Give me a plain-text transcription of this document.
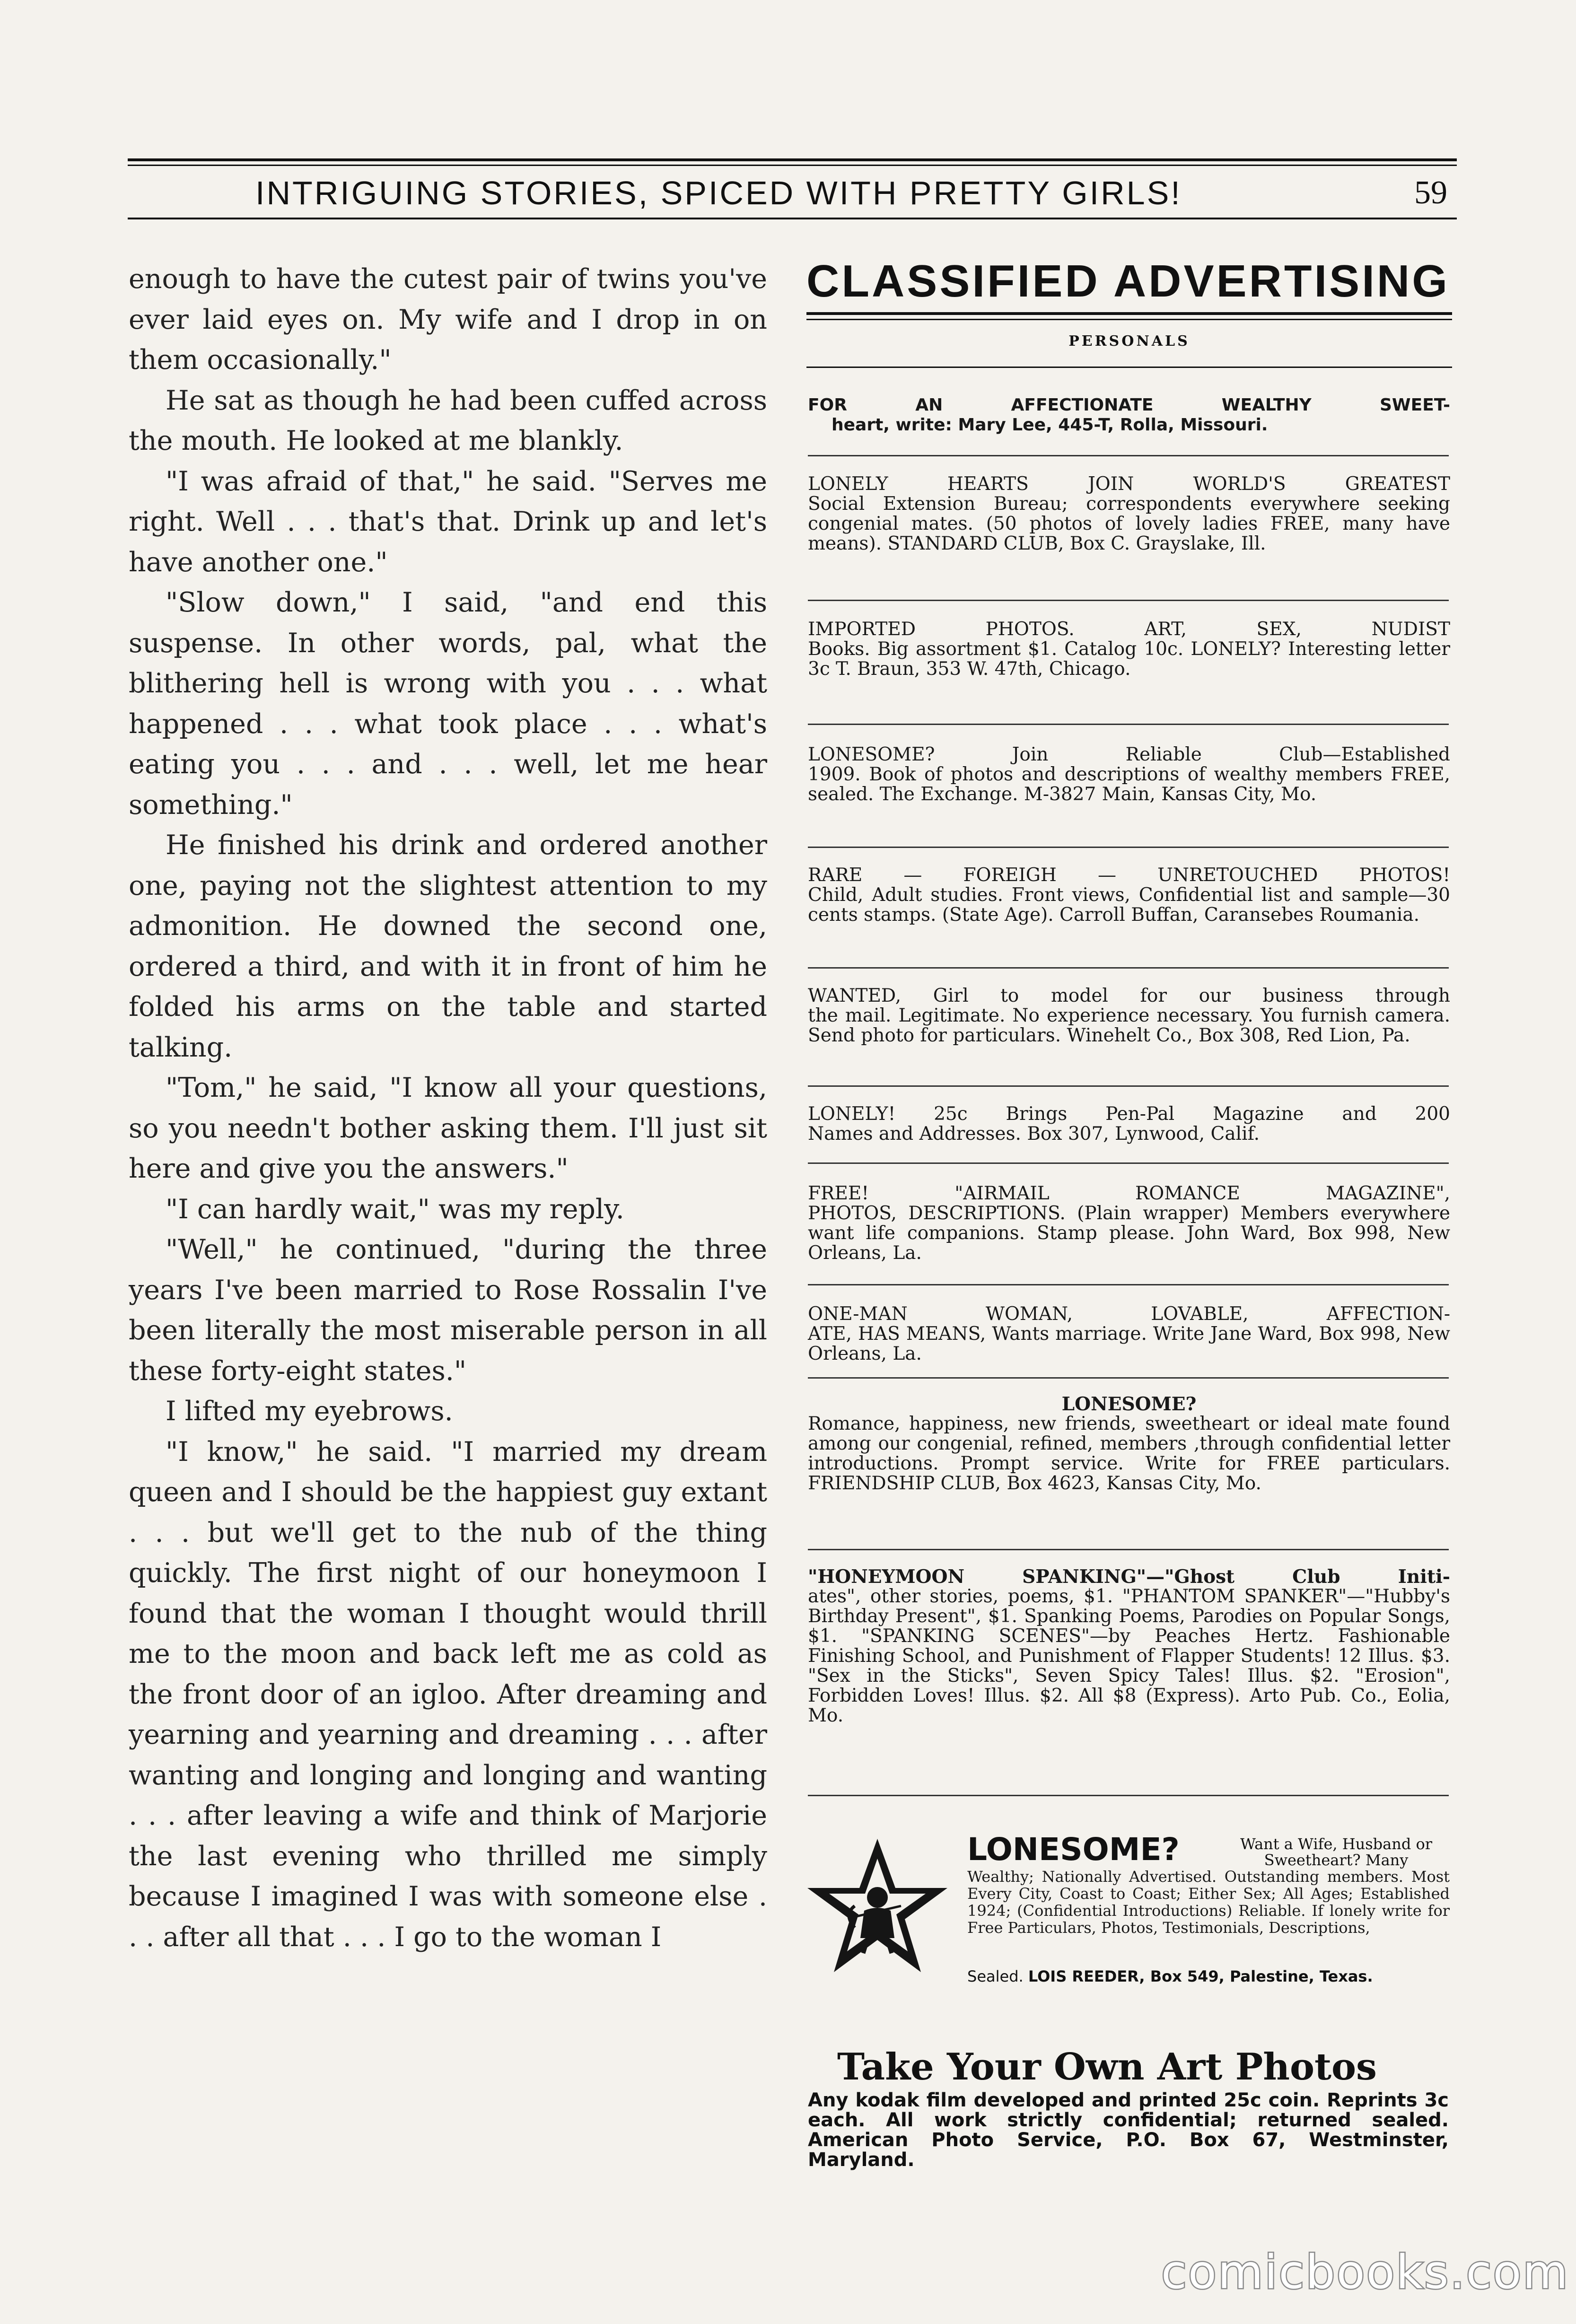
INTRIGUING STORIES, SPICED WITH PRETTY GIRLS!	59

enough to have the cutest pair of twins you've ever laid eyes on. My wife and I drop in on them occasionally."

He sat as though he had been cuffed across the mouth. He looked at me blankly.

"I was afraid of that," he said. "Serves me right. Well . . . that's that. Drink up and let's have another one."

"Slow down," I said, "and end this suspense. In other words, pal, what the blithering hell is wrong with you . . . what happened . . . what took place . . . what's eating you . . . and . . . well, let me hear something."

He finished his drink and ordered another one, paying not the slightest attention to my admonition. He downed the second one, ordered a third, and with it in front of him he folded his arms on the table and started talking.

"Tom," he said, "I know all your questions, so you needn't bother asking them. I'll just sit here and give you the answers."

"I can hardly wait," was my reply.

"Well," he continued, "during the three years I've been married to Rose Rossalin I've been literally the most miserable person in all these forty-eight states."

I lifted my eyebrows.

"I know," he said. "I married my dream queen and I should be the happiest guy extant . . . but we'll get to the nub of the thing quickly. The first night of our honeymoon I found that the woman I thought would thrill me to the moon and back left me as cold as the front door of an igloo. After dreaming and yearning and yearning and dreaming . . . after wanting and longing and longing and wanting . . . after leaving a wife and think of Marjorie the last evening who thrilled me simply because I imagined I was with someone else . . . after all that . . . I go to the woman I

CLASSIFIED ADVERTISING
PERSONALS
FOR AN AFFECTIONATE WEALTHY SWEET-
heart, write: Mary Lee, 445-T, Rolla, Missouri.
LONELY HEARTS JOIN WORLD'S GREATEST
Social Extension Bureau; correspondents everywhere seeking congenial mates. (50 photos of lovely ladies FREE, many have means). STANDARD CLUB, Box C. Grayslake, Ill.
IMPORTED PHOTOS. ART, SEX, NUDIST
Books. Big assortment $1. Catalog 10c. LONELY? Interesting letter 3c T. Braun, 353 W. 47th, Chicago.
LONESOME? Join Reliable Club—Established
1909. Book of photos and descriptions of wealthy members FREE, sealed. The Exchange. M-3827 Main, Kansas City, Mo.
RARE — FOREIGH — UNRETOUCHED PHOTOS!
Child, Adult studies. Front views, Confidential list and sample—30 cents stamps. (State Age). Carroll Buffan, Caransebes Roumania.
WANTED, Girl to model for our business through
the mail. Legitimate. No experience necessary. You furnish camera. Send photo for particulars. Winehelt Co., Box 308, Red Lion, Pa.
LONELY! 25c Brings Pen-Pal Magazine and 200
Names and Addresses. Box 307, Lynwood, Calif.
FREE! "AIRMAIL ROMANCE MAGAZINE",
PHOTOS, DESCRIPTIONS. (Plain wrapper) Members everywhere want life companions. Stamp please. John Ward, Box 998, New Orleans, La.
ONE-MAN WOMAN, LOVABLE, AFFECTION-
ATE, HAS MEANS, Wants marriage. Write Jane Ward, Box 998, New Orleans, La.
LONESOME?
Romance, happiness, new friends, sweetheart or ideal mate found among our congenial, refined, members ,through confidential letter introductions. Prompt service. Write for FREE particulars. FRIENDSHIP CLUB, Box 4623, Kansas City, Mo.
"HONEYMOON SPANKING"—"Ghost Club Initi-
ates", other stories, poems, $1. "PHANTOM SPANKER"—"Hubby's Birthday Present", $1. Spanking Poems, Parodies on Popular Songs, $1. "SPANKING SCENES"—by Peaches Hertz. Fashionable Finishing School, and Punishment of Flapper Students! 12 Illus. $3. "Sex in the Sticks", Seven Spicy Tales! Illus. $2. "Erosion", Forbidden Loves! Illus. $2. All $8 (Express). Arto Pub. Co., Eolia, Mo.
LONESOME?	Want a Wife, Husband or Sweetheart? Many
Wealthy; Nationally Advertised. Outstanding members. Most Every City, Coast to Coast; Either Sex; All Ages; Established 1924; (Confidential Introductions) Reliable. If lonely write for Free Particulars, Photos, Testimonials, Descriptions,
Sealed. LOIS REEDER, Box 549, Palestine, Texas.
Take Your Own Art Photos
Any kodak film developed and printed 25c coin. Reprints 3c each. All work strictly confidential; returned sealed. American Photo Service, P.O. Box 67, Westminster, Maryland.
comicbooks.com
